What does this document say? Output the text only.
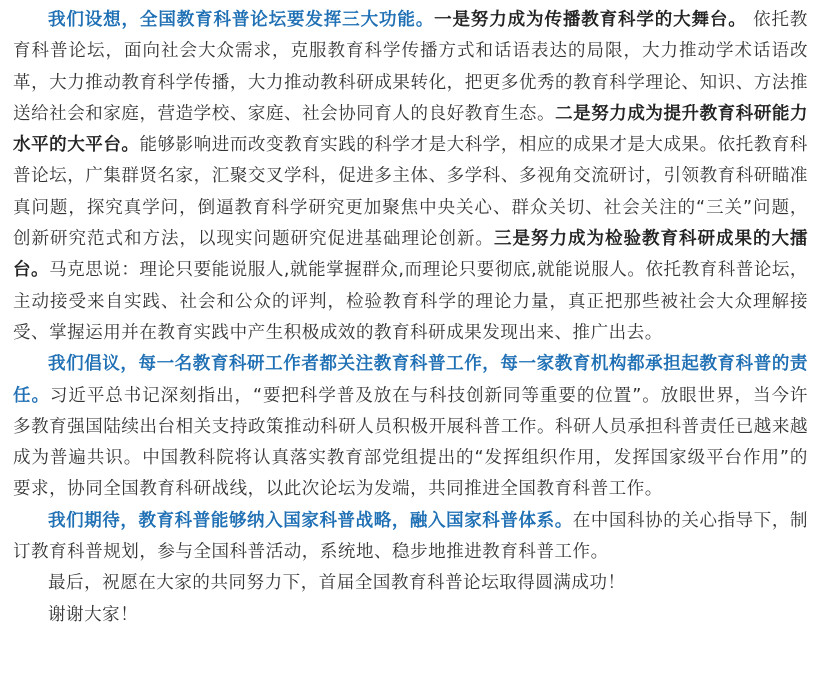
我们设想，全国教育科普论坛要发挥三大功能。一是努力成为传播教育科学的大舞台。 依托教育科普论坛，面向社会大众需求，克服教育科学传播方式和话语表达的局限，大力推动学术话语改革，大力推动教育科学传播，大力推动教科研成果转化，把更多优秀的教育科学理论、知识、方法推送给社会和家庭，营造学校、家庭、社会协同育人的良好教育生态。二是努力成为提升教育科研能力水平的大平台。能够影响进而改变教育实践的科学才是大科学，相应的成果才是大成果。依托教育科普论坛，广集群贤名家，汇聚交叉学科，促进多主体、多学科、多视角交流研讨，引领教育科研瞄准真问题，探究真学问，倒逼教育科学研究更加聚焦中央关心、群众关切、社会关注的“三关”问题，创新研究范式和方法，以现实问题研究促进基础理论创新。三是努力成为检验教育科研成果的大擂台。马克思说：理论只要能说服人,就能掌握群众,而理论只要彻底,就能说服人。依托教育科普论坛，主动接受来自实践、社会和公众的评判，检验教育科学的理论力量，真正把那些被社会大众理解接受、掌握运用并在教育实践中产生积极成效的教育科研成果发现出来、推广出去。

我们倡议，每一名教育科研工作者都关注教育科普工作，每一家教育机构都承担起教育科普的责任。习近平总书记深刻指出，“要把科学普及放在与科技创新同等重要的位置”。放眼世界，当今许多教育强国陆续出台相关支持政策推动科研人员积极开展科普工作。科研人员承担科普责任已越来越成为普遍共识。中国教科院将认真落实教育部党组提出的“发挥组织作用，发挥国家级平台作用”的要求，协同全国教育科研战线，以此次论坛为发端，共同推进全国教育科普工作。

我们期待，教育科普能够纳入国家科普战略，融入国家科普体系。在中国科协的关心指导下，制订教育科普规划，参与全国科普活动，系统地、稳步地推进教育科普工作。

最后，祝愿在大家的共同努力下，首届全国教育科普论坛取得圆满成功！

谢谢大家！
